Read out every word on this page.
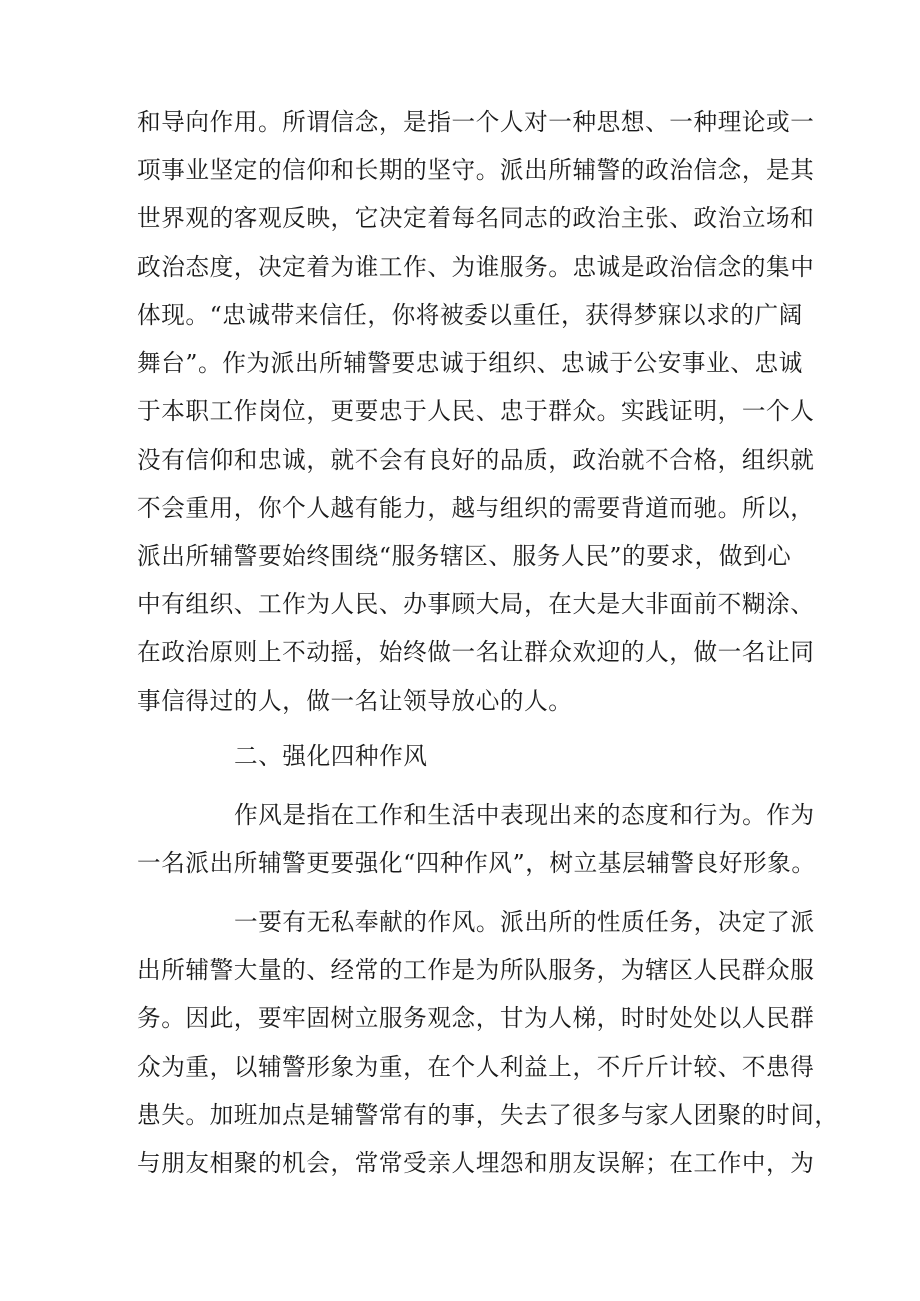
和导向作用。所谓信念，是指一个人对一种思想、一种理论或一
项事业坚定的信仰和长期的坚守。派出所辅警的政治信念，是其
世界观的客观反映，它决定着每名同志的政治主张、政治立场和
政治态度，决定着为谁工作、为谁服务。忠诚是政治信念的集中
体现。“忠诚带来信任，你将被委以重任，获得梦寐以求的广阔
舞台”。作为派出所辅警要忠诚于组织、忠诚于公安事业、忠诚
于本职工作岗位，更要忠于人民、忠于群众。实践证明，一个人
没有信仰和忠诚，就不会有良好的品质，政治就不合格，组织就
不会重用，你个人越有能力，越与组织的需要背道而驰。所以，
派出所辅警要始终围绕“服务辖区、服务人民”的要求，做到心
中有组织、工作为人民、办事顾大局，在大是大非面前不糊涂、
在政治原则上不动摇，始终做一名让群众欢迎的人，做一名让同
事信得过的人，做一名让领导放心的人。
二、强化四种作风
作风是指在工作和生活中表现出来的态度和行为。作为
一名派出所辅警更要强化“四种作风”，树立基层辅警良好形象。
一要有无私奉献的作风。派出所的性质任务，决定了派
出所辅警大量的、经常的工作是为所队服务，为辖区人民群众服
务。因此，要牢固树立服务观念，甘为人梯，时时处处以人民群
众为重，以辅警形象为重，在个人利益上，不斤斤计较、不患得
患失。加班加点是辅警常有的事，失去了很多与家人团聚的时间，
与朋友相聚的机会，常常受亲人埋怨和朋友误解；在工作中，为
